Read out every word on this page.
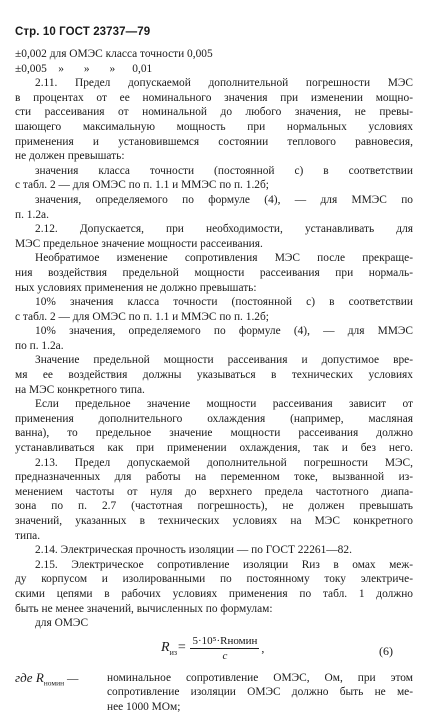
Стр. 10 ГОСТ 23737—79
±0,002 для ОМЭС класса точности 0,005
±0,005    »       »       »      0,01
2.11. Предел допускаемой дополнительной погрешности МЭС
в процентах от ее номинального значения при изменении мощно-
сти рассеивания от номинальной до любого значения, не превы-
шающего максимальную мощность при нормальных условиях
применения и установившемся состоянии теплового равновесия,
не должен превышать:
значения класса точности (постоянной с) в соответствии
с табл. 2 — для ОМЭС по п. 1.1 и ММЭС по п. 1.2б;
значения, определяемого по формуле (4), — для ММЭС по
п. 1.2а.
2.12. Допускается, при необходимости, устанавливать для
МЭС предельное значение мощности рассеивания.
Необратимое изменение сопротивления МЭС после прекраще-
ния воздействия предельной мощности рассеивания при нормаль-
ных условиях применения не должно превышать:
10% значения класса точности (постоянной с) в соответствии
с табл. 2 — для ОМЭС по п. 1.1 и ММЭС по п. 1.2б;
10% значения, определяемого по формуле (4), — для ММЭС
по п. 1.2а.
Значение предельной мощности рассеивания и допустимое вре-
мя ее воздействия должны указываться в технических условиях
на МЭС конкретного типа.
Если предельное значение мощности рассеивания зависит от
применения дополнительного охлаждения (например, масляная
ванна), то предельное значение мощности рассеивания должно
устанавливаться как при применении охлаждения, так и без него.
2.13. Предел допускаемой дополнительной погрешности МЭС,
предназначенных для работы на переменном токе, вызванной из-
менением частоты от нуля до верхнего предела частотного диапа-
зона по п. 2.7 (частотная погрешность), не должен превышать
значений, указанных в технических условиях на МЭС конкретного
типа.
2.14. Электрическая прочность изоляции — по ГОСТ 22261—82.
2.15. Электрическое сопротивление изоляции Rиз в омах меж-
ду корпусом и изолированными по постоянному току электриче-
скими цепями в рабочих условиях применения по табл. 1 должно
быть не менее значений, вычисленных по формулам:
для ОМЭС
$R_{из}= \frac{\text{5·10⁵·Rномин}}{c}$ ,	(6)
где $R_{номин}$ —	номинальное сопротивление ОМЭС, Ом, при этом
сопротивление изоляции ОМЭС должно быть не ме-
нее 1000 МОм;
